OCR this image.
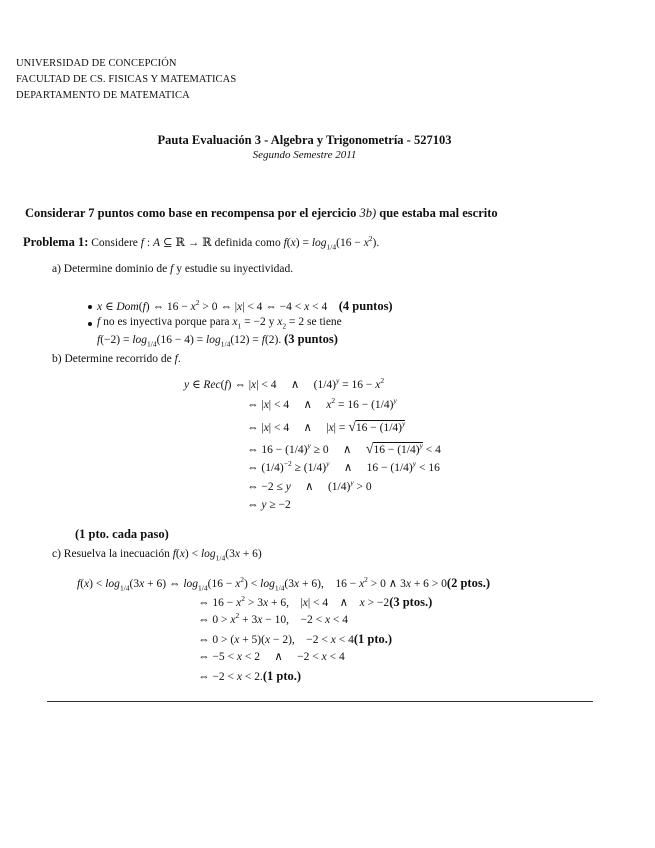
UNIVERSIDAD DE CONCEPCIÓN
FACULTAD DE CS. FISICAS Y MATEMATICAS
DEPARTAMENTO DE MATEMATICA
Pauta Evaluación 3 - Algebra y Trigonometría - 527103
Segundo Semestre 2011
Considerar 7 puntos como base en recompensa por el ejercicio 3b) que estaba mal escrito
Problema 1: Considere f : A ⊆ ℝ → ℝ definida como $f(x) = \log_{1/4}(16 - x^2)$.
a) Determine dominio de f y estudie su inyectividad.
x ∈ Dom(f) ⇔ $16 - x^2 > 0$ ⇔ |x| < 4 ⇔ −4 < x < 4    (4 puntos)
f no es inyectiva porque para $x_1 = -2$ y $x_2 = 2$ se tiene
$f(-2) = \log_{1/4}(16 - 4) = \log_{1/4}(12) = f(2)$. (3 puntos)
b) Determine recorrido de f.
y ∈ Rec(f) ⇔ |x| < 4     ∧     $(1/4)^y = 16 - x^2$
⇔ |x| < 4     ∧     $x^2 = 16 - (1/4)^y$
⇔ |x| < 4     ∧     $|x| = √16 - (1/4)^y$
⇔ $16 - (1/4)^y \ge 0$     ∧     $√16 - (1/4)^y < 4$
⇔ $(1/4)^{-2} \ge (1/4)^y$     ∧     $16 - (1/4)^y < 16$
⇔ −2 ≤ y     ∧     $(1/4)^y > 0$
⇔ y ≥ −2
(1 pto. cada paso)
c) Resuelva la inecuación $f(x) < \log_{1/4}(3x + 6)$
$f(x) < \log_{1/4}(3x + 6)$ ⇔ $\log_{1/4}(16 - x^2) < \log_{1/4}(3x + 6)$,    $16 - x^2 > 0$ ∧ 3x + 6 > 0(2 ptos.)
⇔ $16 - x^2 > 3x + 6$,    |x| < 4    ∧    x > −2(3 ptos.)
⇔ $0 > x^2 + 3x - 10$,    −2 < x < 4
⇔ 0 > (x + 5)(x − 2),    −2 < x < 4(1 pto.)
⇔ −5 < x < 2     ∧     −2 < x < 4
⇔ −2 < x < 2.(1 pto.)
